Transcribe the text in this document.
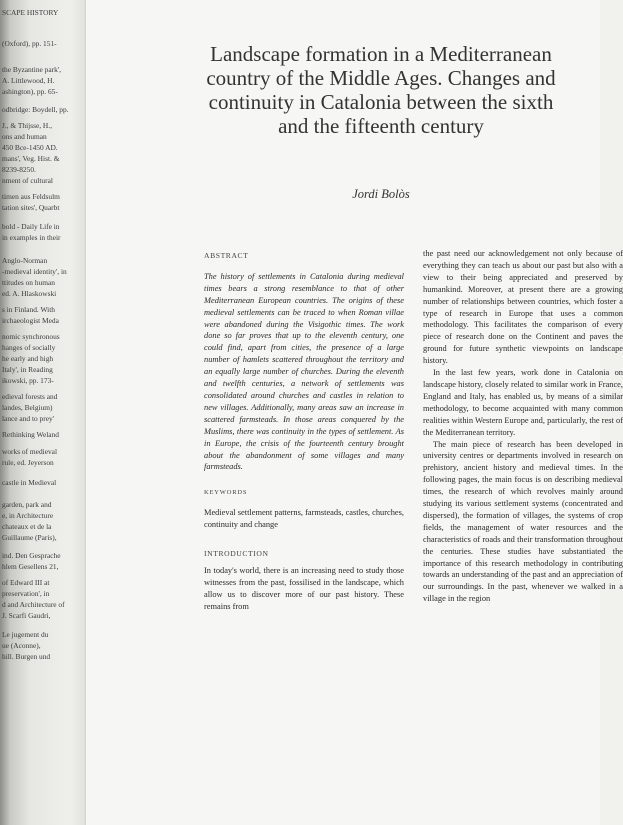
SCAPE HISTORY
(Oxford), pp. 151-
the Byzantine park',
A. Littlewood, H.
ashington), pp. 65-
odbridge: Boydell, pp.
J., & Thijsse, H.,
ons and human
450 Bce-1450 AD.
mans', Veg. Hist. &
8239-8250.
nment of cultural
timen aus Feldsulm
tation sites', Quarbt
bold - Daily Life in
in examples in their
Anglo-Norman
-medieval identity', in
ttitudes on human
ed. A. Hlaskowski
s in Finland. With
irchaeologist Meda
nomic synchronous
hanges of socially
he early and high
Italy', in Reading
ikowski, pp. 173-
edieval forests and
landes, Belgium)
lance and to prey'
Rethinking Weland
works of medieval
rule, ed. Jeyerson
castle in Medieval
garden, park and
e, in Architecture
chateaux et de la
Guillaume (Paris),
ind. Den Gesprache
hlem Gesellens 21,
of Edward III at
preservation', in
d and Architecture of
J. Scarfi Gaudri,
Le jugement du
ue (Aconne),
hill. Burgen und
Landscape formation in a Mediterranean country of the Middle Ages. Changes and continuity in Catalonia between the sixth and the fifteenth century
Jordi Bolòs
ABSTRACT

The history of settlements in Catalonia during medieval times bears a strong resemblance to that of other Mediterranean European countries. The origins of these medieval settlements can be traced to when Roman villae were abandoned during the Visigothic times. The work done so far proves that up to the eleventh century, one could find, apart from cities, the presence of a large number of hamlets scattered throughout the territory and an equally large number of churches. During the eleventh and twelfth centuries, a network of settlements was consolidated around churches and castles in relation to new villages. Additionally, many areas saw an increase in scattered farmsteads. In those areas conquered by the Muslims, there was continuity in the types of settlement. As in Europe, the crisis of the fourteenth century brought about the abandonment of some villages and many farmsteads.

KEYWORDS

Medieval settlement patterns, farmsteads, castles, churches, continuity and change

INTRODUCTION

In today's world, there is an increasing need to study those witnesses from the past, fossilised in the landscape, which allow us to discover more of our past history. These remains from

the past need our acknowledgement not only because of everything they can teach us about our past but also with a view to their being appreciated and preserved by humankind. Moreover, at present there are a growing number of relationships between countries, which foster a type of research in Europe that uses a common methodology. This facilitates the comparison of every piece of research done on the Continent and paves the ground for future synthetic viewpoints on landscape history.

In the last few years, work done in Catalonia on landscape history, closely related to similar work in France, England and Italy, has enabled us, by means of a similar methodology, to become acquainted with many common realities within Western Europe and, particularly, the rest of the Mediterranean territory.

The main piece of research has been developed in university centres or departments involved in research on prehistory, ancient history and medieval times. In the following pages, the main focus is on describing medieval times, the research of which revolves mainly around studying its various settlement systems (concentrated and dispersed), the formation of villages, the systems of crop fields, the management of water resources and the characteristics of roads and their transformation throughout the centuries. These studies have substantiated the importance of this research methodology in contributing towards an understanding of the past and an appreciation of our surroundings. In the past, whenever we walked in a village in the region
